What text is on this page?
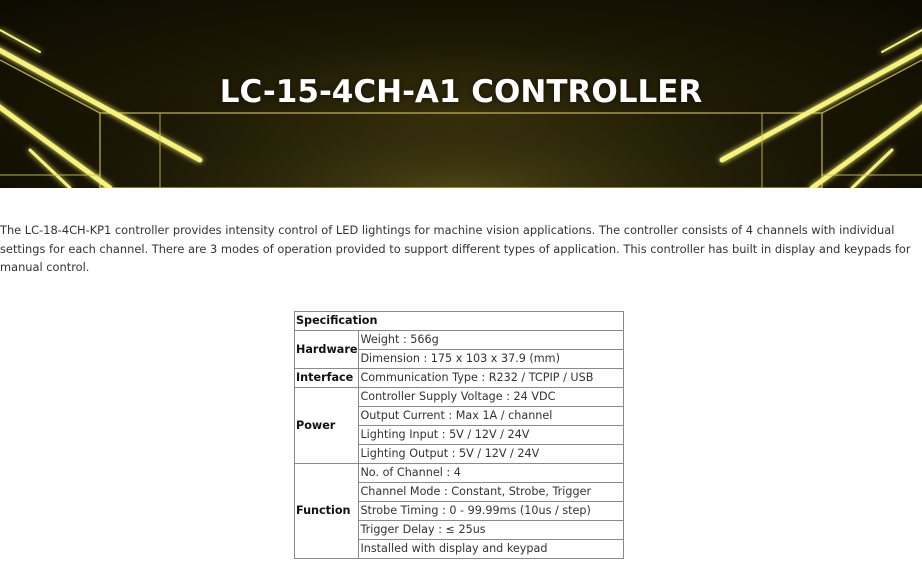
LC-15-4CH-A1 CONTROLLER

The LC-18-4CH-KP1 controller provides intensity control of LED lightings for machine vision applications. The controller consists of 4 channels with individual settings for each channel. There are 3 modes of operation provided to support different types of application. This controller has built in display and keypads for manual control.

Specification	
Hardware	Weight : 566g
	Dimension : 175 x 103 x 37.9 (mm)
Interface	Communication Type : R232 / TCPIP / USB
Power	Controller Supply Voltage : 24 VDC
	Output Current : Max 1A / channel
	Lighting Input : 5V / 12V / 24V
	Lighting Output : 5V / 12V / 24V
Function	No. of Channel : 4
	Channel Mode : Constant, Strobe, Trigger
	Strobe Timing : 0 - 99.99ms (10us / step)
	Trigger Delay : ≤ 25us
	Installed with display and keypad
